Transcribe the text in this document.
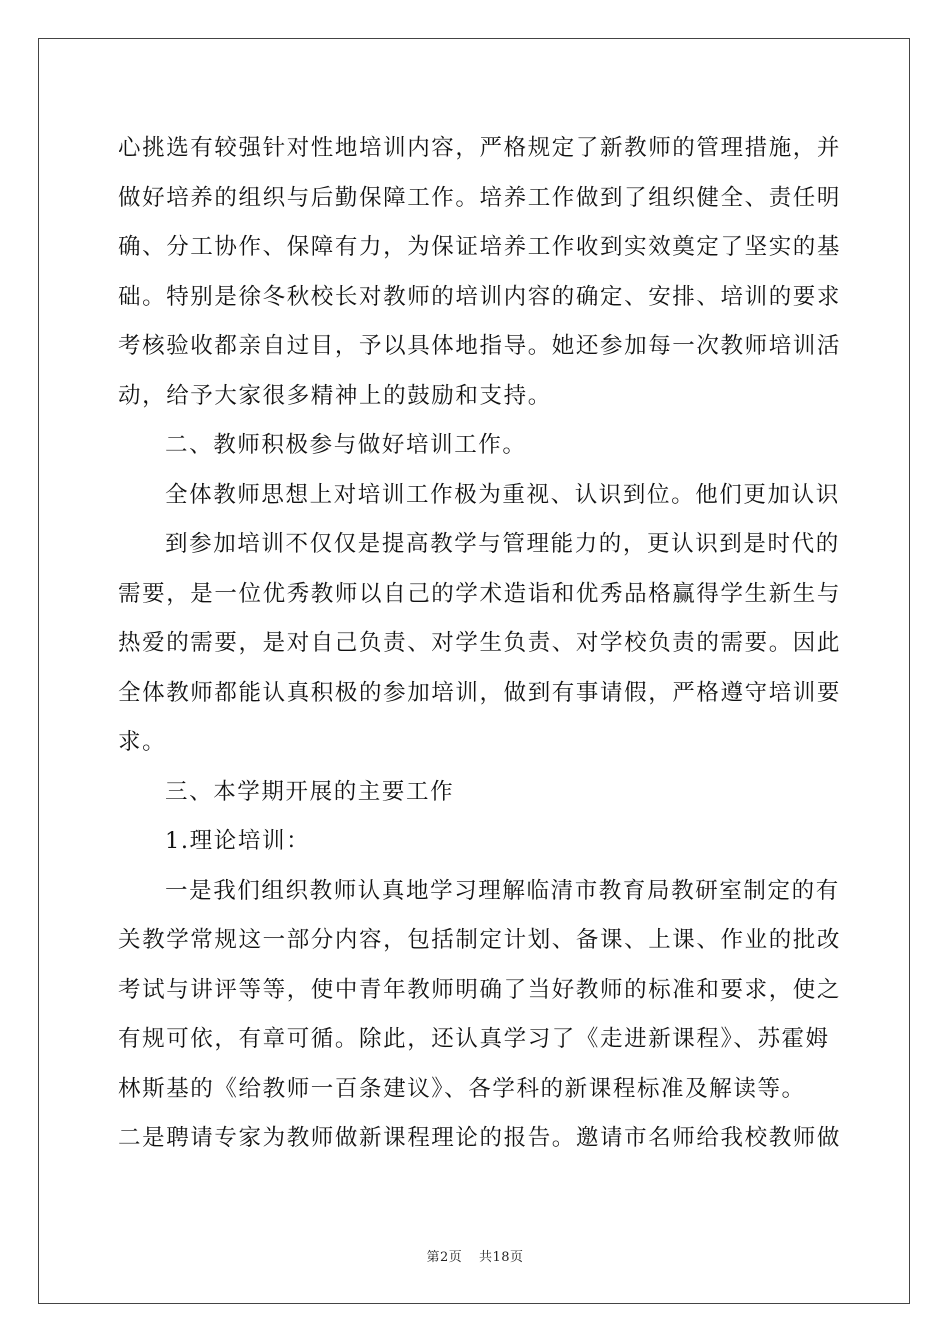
心挑选有较强针对性地培训内容，严格规定了新教师的管理措施，并
做好培养的组织与后勤保障工作。培养工作做到了组织健全、责任明
确、分工协作、保障有力，为保证培养工作收到实效奠定了坚实的基
础。特别是徐冬秋校长对教师的培训内容的确定、安排、培训的要求
考核验收都亲自过目，予以具体地指导。她还参加每一次教师培训活
动，给予大家很多精神上的鼓励和支持。
二、教师积极参与做好培训工作。
全体教师思想上对培训工作极为重视、认识到位。他们更加认识
到参加培训不仅仅是提高教学与管理能力的，更认识到是时代的
需要，是一位优秀教师以自己的学术造诣和优秀品格赢得学生新生与
热爱的需要，是对自己负责、对学生负责、对学校负责的需要。因此
全体教师都能认真积极的参加培训，做到有事请假，严格遵守培训要
求。
三、本学期开展的主要工作
1.理论培训：
一是我们组织教师认真地学习理解临清市教育局教研室制定的有
关教学常规这一部分内容，包括制定计划、备课、上课、作业的批改
考试与讲评等等，使中青年教师明确了当好教师的标准和要求，使之
有规可依，有章可循。除此，还认真学习了《走进新课程》、苏霍姆
林斯基的《给教师一百条建议》、各学科的新课程标准及解读等。
二是聘请专家为教师做新课程理论的报告。邀请市名师给我校教师做
第2页 共18页
